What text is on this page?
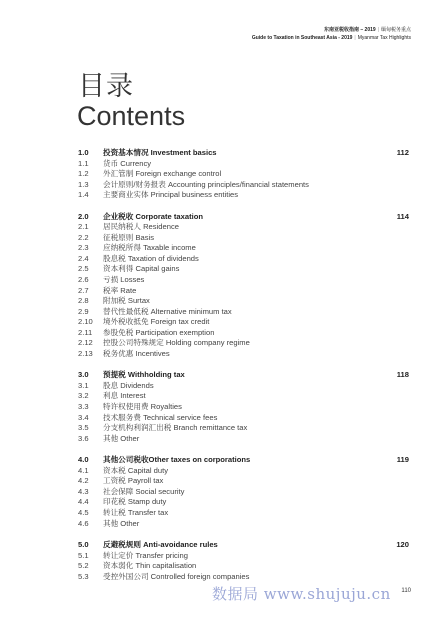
东南亚税收指南 – 2019 | 缅甸税务重点
Guide to Taxation in Southeast Asia - 2019 | Myanmar Tax Highlights
目录
Contents
1.0	投资基本情况 Investment basics	112
1.1	货币 Currency
1.2	外汇管制 Foreign exchange control
1.3	会计原则/财务报表 Accounting principles/financial statements
1.4	主要商业实体 Principal business entities
2.0	企业税收 Corporate taxation	114
2.1	居民纳税人 Residence
2.2	征税原则 Basis
2.3	应纳税所得 Taxable income
2.4	股息税 Taxation of dividends
2.5	资本利得 Capital gains
2.6	亏损 Losses
2.7	税率 Rate
2.8	附加税 Surtax
2.9	替代性最低税 Alternative minimum tax
2.10	境外税收抵免 Foreign tax credit
2.11	参股免税 Participation exemption
2.12	控股公司特殊规定 Holding company regime
2.13	税务优惠 Incentives
3.0	预提税 Withholding tax	118
3.1	股息 Dividends
3.2	利息 Interest
3.3	特许权使用费 Royalties
3.4	技术服务费 Technical service fees
3.5	分支机构利润汇出税 Branch remittance tax
3.6	其他 Other
4.0	其他公司税收Other taxes on corporations	119
4.1	资本税 Capital duty
4.2	工资税 Payroll tax
4.3	社会保障 Social security
4.4	印花税 Stamp duty
4.5	转让税 Transfer tax
4.6	其他 Other
5.0	反避税规则 Anti-avoidance rules	120
5.1	转让定价 Transfer pricing
5.2	资本弱化 Thin capitalisation
5.3	受控外国公司 Controlled foreign companies
数据局 www.shujuju.cn 110
